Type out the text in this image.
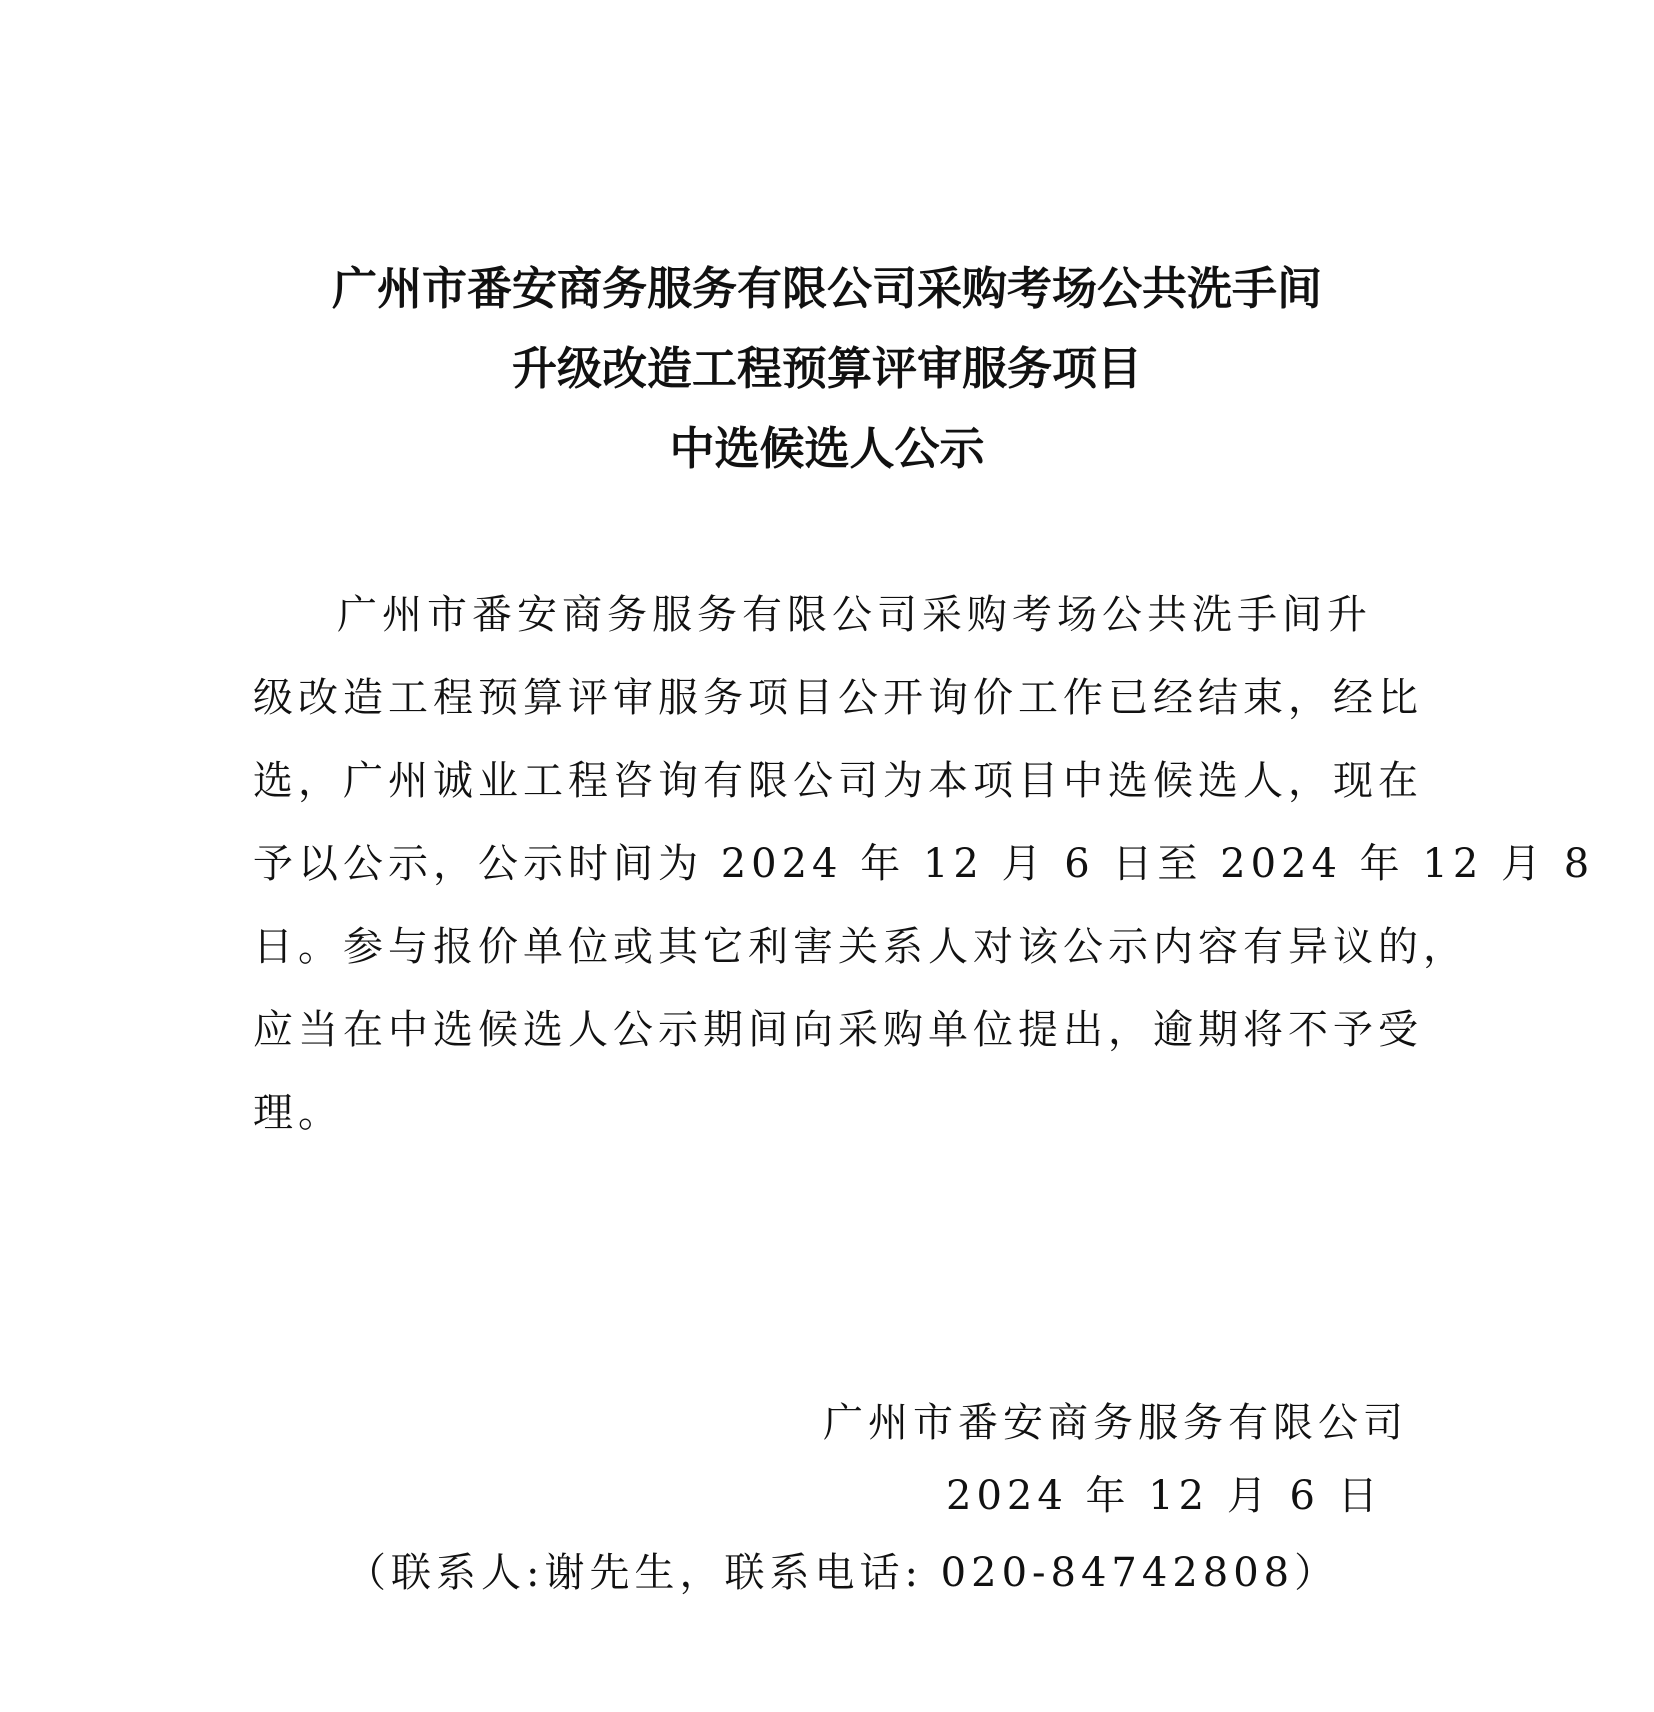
广州市番安商务服务有限公司采购考场公共洗手间
升级改造工程预算评审服务项目
中选候选人公示
广州市番安商务服务有限公司采购考场公共洗手间升
级改造工程预算评审服务项目公开询价工作已经结束，经比
选，广州诚业工程咨询有限公司为本项目中选候选人，现在
予以公示，公示时间为 2024 年 12 月 6 日至 2024 年 12 月 8
日。参与报价单位或其它利害关系人对该公示内容有异议的，
应当在中选候选人公示期间向采购单位提出，逾期将不予受
理。
广州市番安商务服务有限公司
2024 年 12 月 6 日
（联系人:谢先生，联系电话: 020-84742808）
